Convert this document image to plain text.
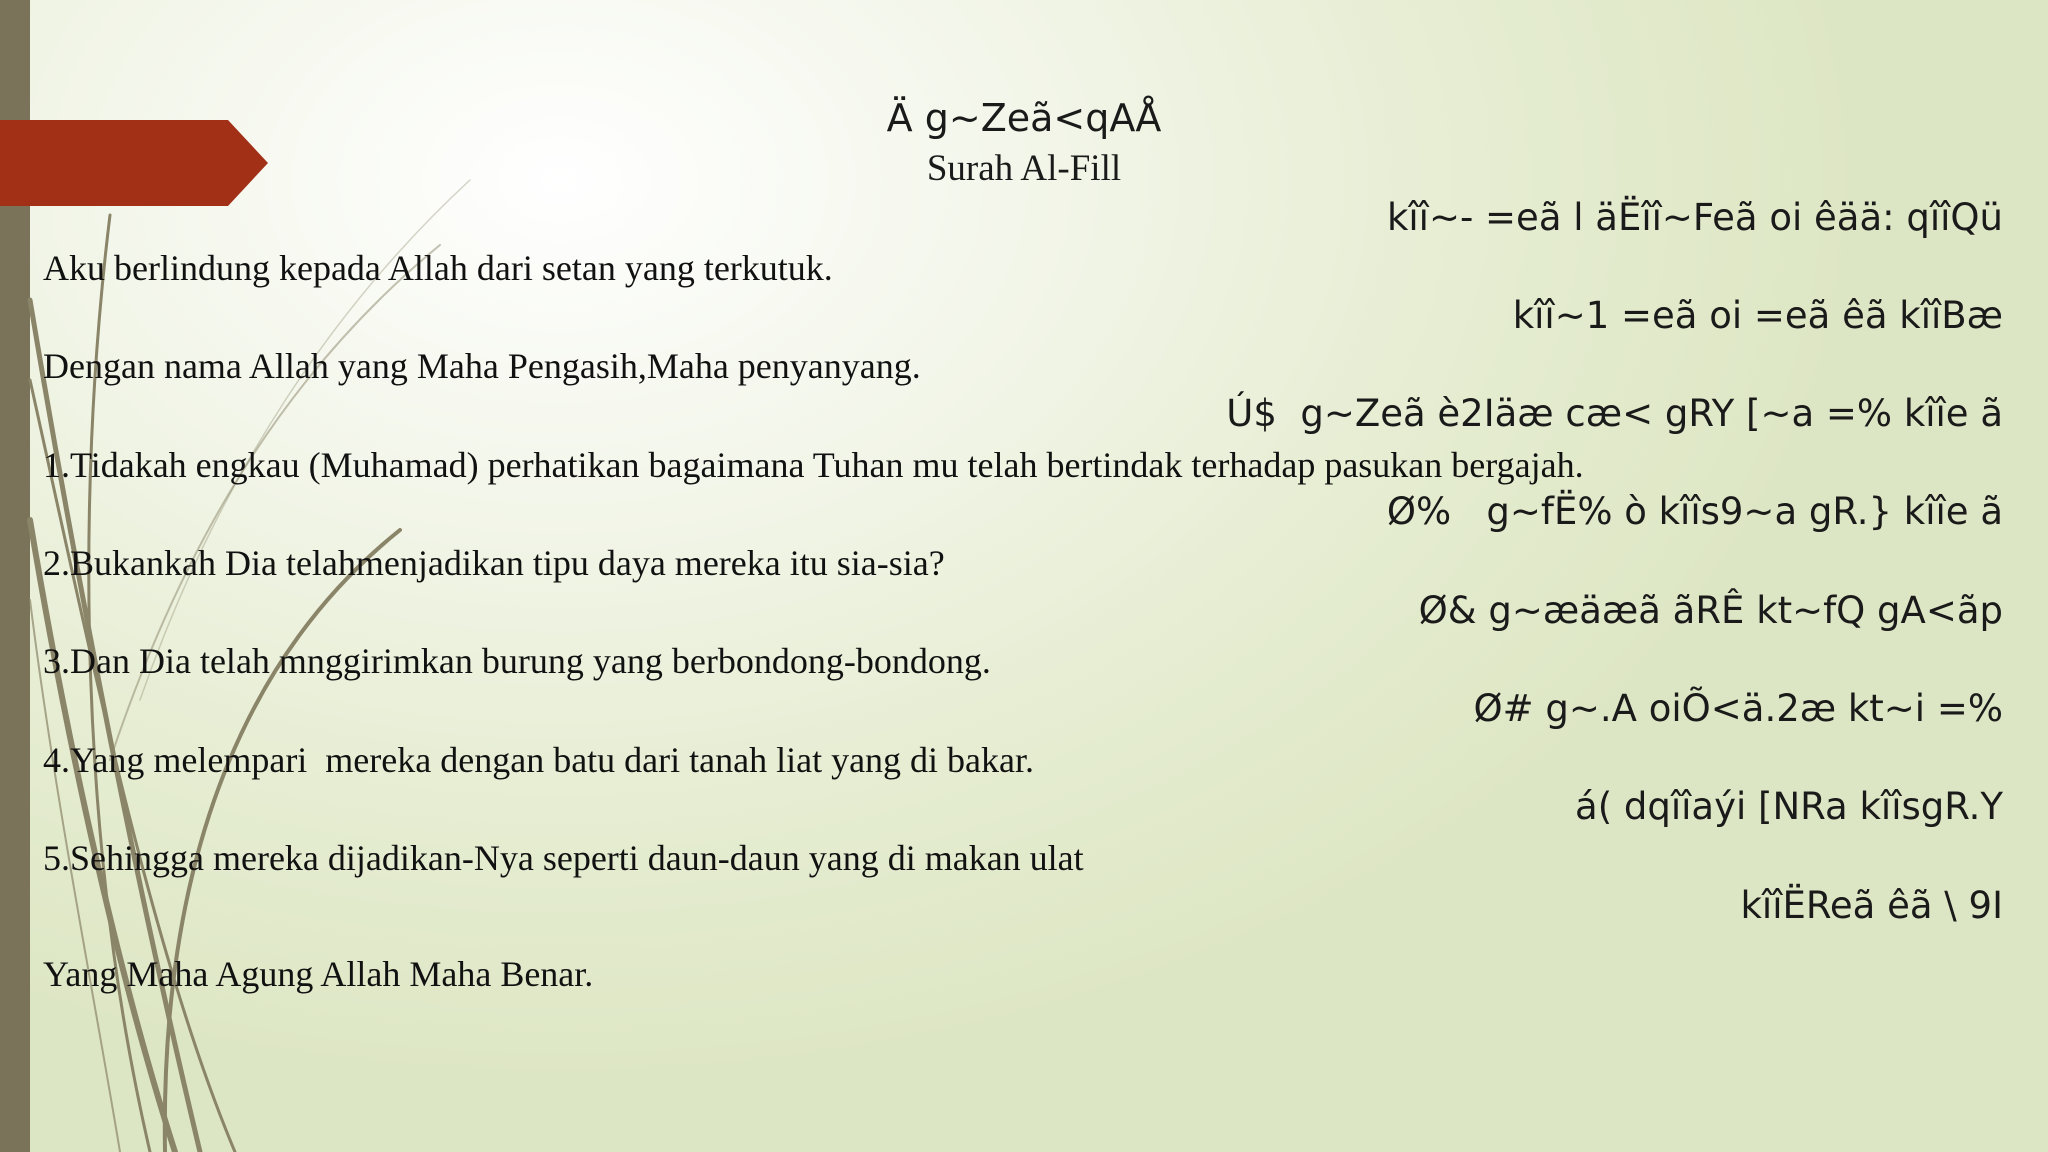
Ä g~Zeã<qAÅ
Surah Al-Fill
kîî~- =eã l äËîî~Feã oi êää: qîîQü
kîî~1 =eã oi =eã êã kîîBæ
Ú$  g~Zeã è2Iäæ cæ< gRY [~a =% kîîe ã
Ø%   g~fË% ò kîîs9~a gR.} kîîe ã
Ø& g~æäæã ãRÊ kt~fQ gA<ãp
Ø# g~.A oiÕ<ä.2æ kt~i =%
á( dqîîaýi [NRa kîîsgR.Y
kîîËReã êã \ 9I
Aku berlindung kepada Allah dari setan yang terkutuk.
Dengan nama Allah yang Maha Pengasih,Maha penyanyang.
1.Tidakah engkau (Muhamad) perhatikan bagaimana Tuhan mu telah bertindak terhadap pasukan bergajah.
2.Bukankah Dia telahmenjadikan tipu daya mereka itu sia-sia?
3.Dan Dia telah mnggirimkan burung yang berbondong-bondong.
4.Yang melempari  mereka dengan batu dari tanah liat yang di bakar.
5.Sehingga mereka dijadikan-Nya seperti daun-daun yang di makan ulat
Yang Maha Agung Allah Maha Benar.
